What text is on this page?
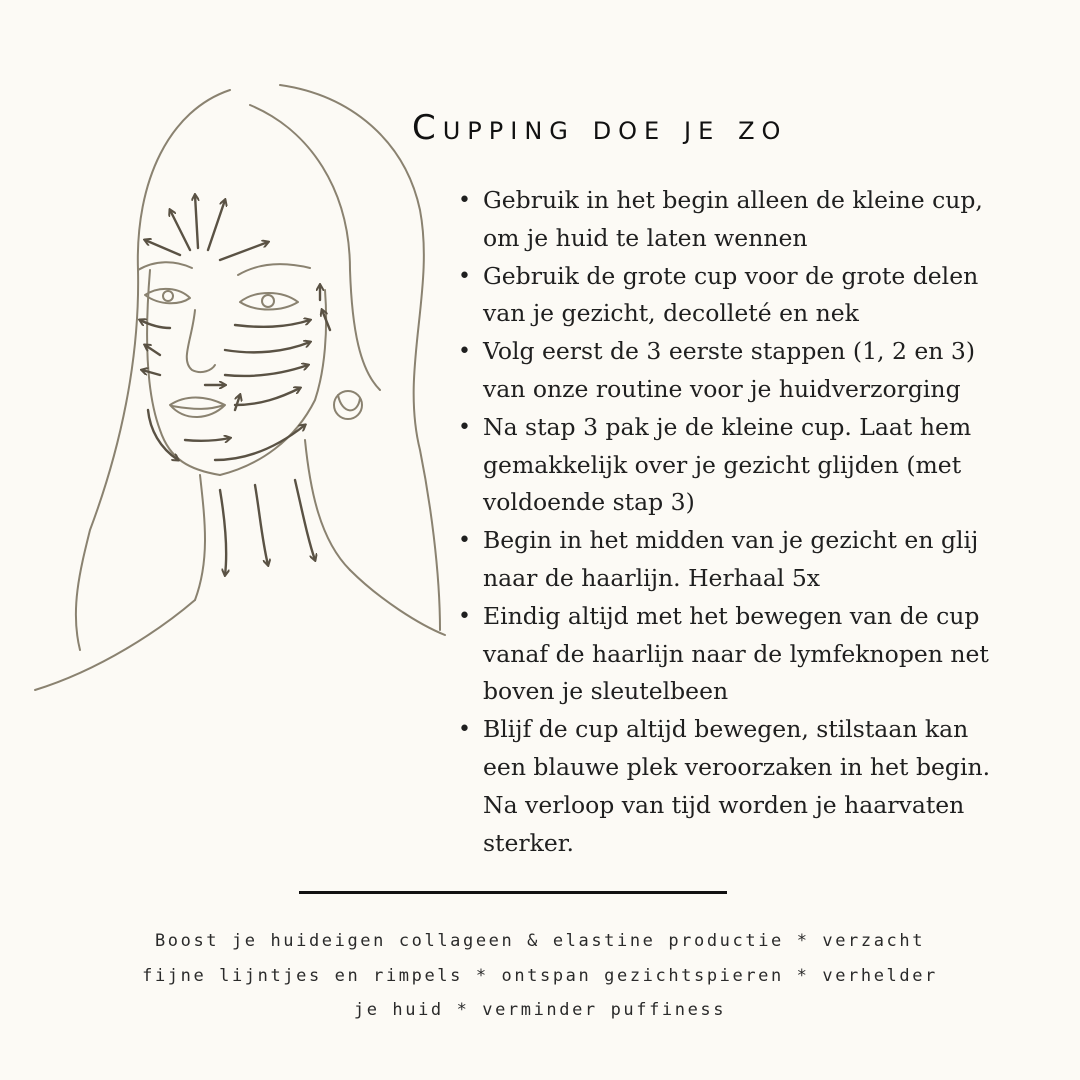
Cupping doe je zo
• Gebruik in het begin alleen de kleine cup, om je huid te laten wennen
• Gebruik de grote cup voor de grote delen van je gezicht, decolleté en nek
• Volg eerst de 3 eerste stappen (1, 2 en 3) van onze routine voor je huidverzorging
• Na stap 3 pak je de kleine cup. Laat hem gemakkelijk over je gezicht glijden (met voldoende stap 3)
• Begin in het midden van je gezicht en glij naar de haarlijn. Herhaal 5x
• Eindig altijd met het bewegen van de cup vanaf de haarlijn naar de lymfeknopen net boven je sleutelbeen
• Blijf de cup altijd bewegen, stilstaan kan een blauwe plek veroorzaken in het begin. Na verloop van tijd worden je haarvaten sterker.

Boost je huideigen collageen & elastine productie * verzacht fijne lijntjes en rimpels * ontspan gezichtspieren * verhelder je huid * verminder puffiness
